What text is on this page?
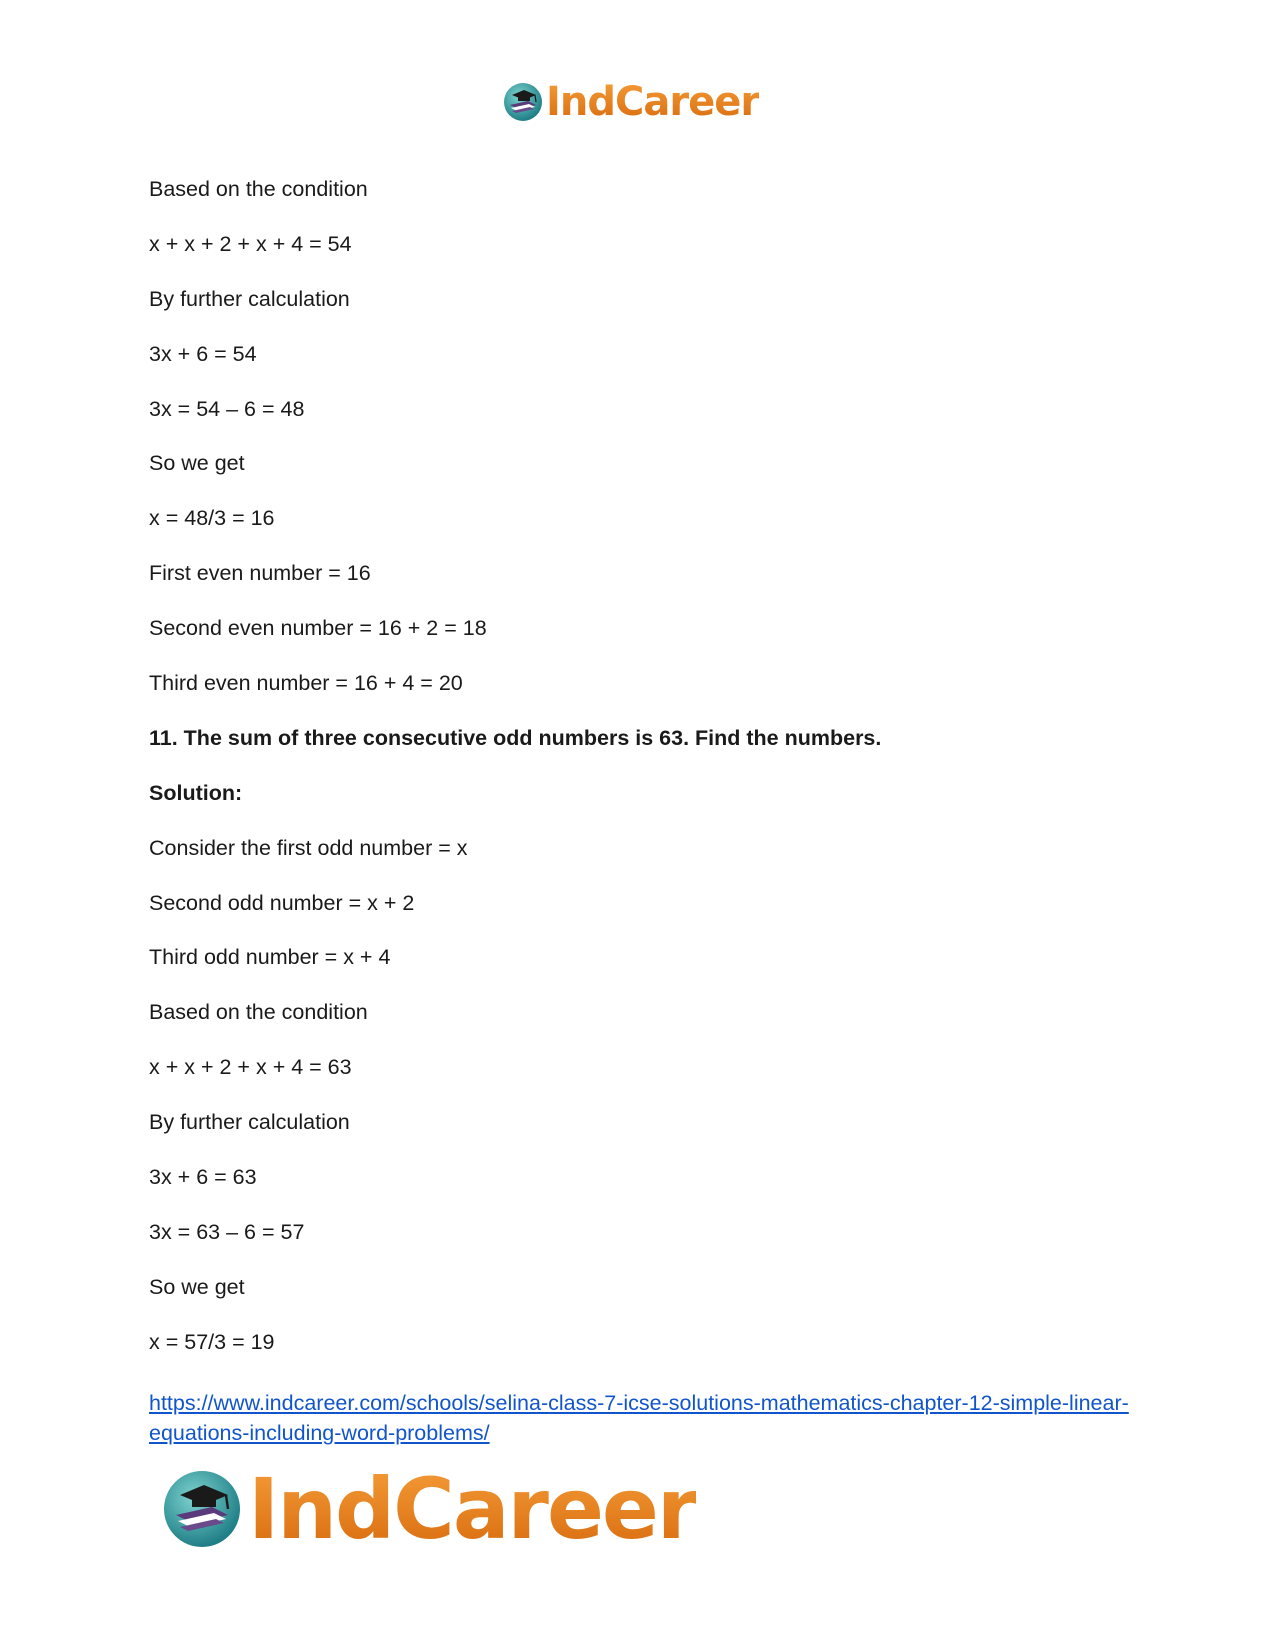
IndCareer
Based on the condition
x + x + 2 + x + 4 = 54
By further calculation
3x + 6 = 54
3x = 54 – 6 = 48
So we get
x = 48/3 = 16
First even number = 16
Second even number = 16 + 2 = 18
Third even number = 16 + 4 = 20
11. The sum of three consecutive odd numbers is 63. Find the numbers.
Solution:
Consider the first odd number = x
Second odd number = x + 2
Third odd number = x + 4
Based on the condition
x + x + 2 + x + 4 = 63
By further calculation
3x + 6 = 63
3x = 63 – 6 = 57
So we get
x = 57/3 = 19
https://www.indcareer.com/schools/selina-class-7-icse-solutions-mathematics-chapter-12-simple-linear-equations-including-word-problems/
IndCareer
